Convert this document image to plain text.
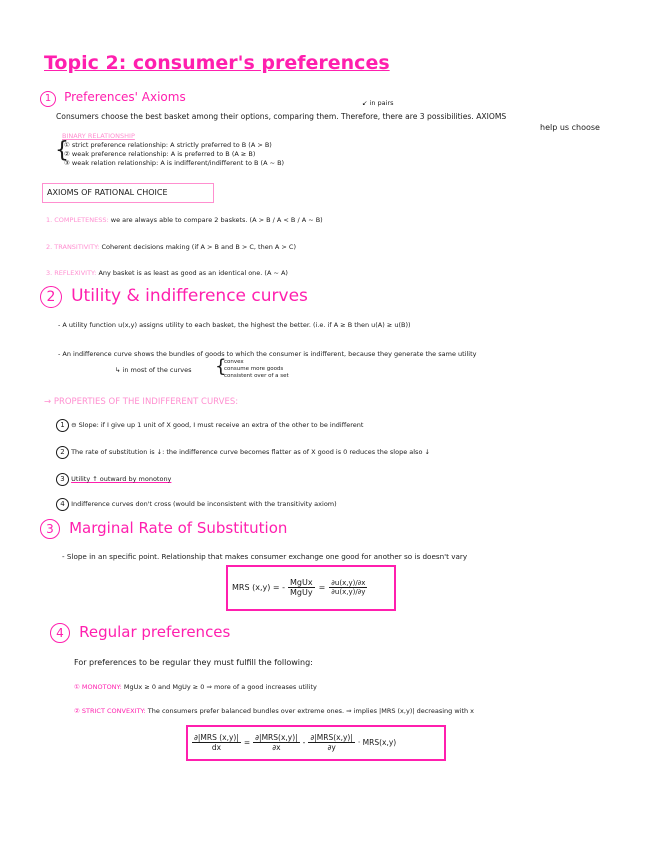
Topic 2: consumer's preferences
1 Preferences' Axioms	↙ in pairs
Consumers choose the best basket among their options, comparing them. Therefore, there are 3 possibilities. AXIOMS
help us choose
BINARY RELATIONSHIP
{
① strict preference relationship: A strictly preferred to B (A > B)
② weak preference relationship: A is preferred to B (A ≥ B)
③ weak relation relationship: A is indifferent/indifferent to B (A ~ B)
AXIOMS OF RATIONAL CHOICE
1. COMPLETENESS: we are always able to compare 2 baskets. (A > B / A < B / A ~ B)
2. TRANSITIVITY: Coherent decisions making (if A > B and B > C, then A > C)
3. REFLEXIVITY: Any basket is as least as good as an identical one. (A ~ A)
2 Utility & indifference curves
- A utility function u(x,y) assigns utility to each basket, the highest the better. (i.e. if A ≥ B then u(A) ≥ u(B))
- An indifference curve shows the bundles of goods to which the consumer is indifferent, because they generate the same utility
↳ in most of the curves {
convex
consume more goods
consistent over of a set
→ PROPERTIES OF THE INDIFFERENT CURVES:
1 ⊖ Slope: if I give up 1 unit of X good, I must receive an extra of the other to be indifferent
2 The rate of substitution is ↓: the indifference curve becomes flatter as of X good is 0 reduces the slope also ↓
3 Utility ↑ outward by monotony
4 Indifference curves don't cross (would be inconsistent with the transitivity axiom)
3 Marginal Rate of Substitution
- Slope in an specific point. Relationship that makes consumer exchange one good for another so is doesn't vary
MRS (x,y) = - $\frac{\text{MgUx}}{\text{MgUy}} = \frac{\partial u(x,y)/\partial x}{\partial u(x,y)/\partial y}$
4 Regular preferences
For preferences to be regular they must fulfill the following:
① MONOTONY: MgUx ≥ 0 and MgUy ≥ 0 ⇒ more of a good increases utility
② STRICT CONVEXITY: The consumers prefer balanced bundles over extreme ones. ⇒ implies |MRS (x,y)| decreasing with x
$\frac{\text{∂|MRS (x,y)|}}{dx} = \frac{\text{∂|MRS(x,y)|}}{\partial x} - \frac{\text{∂|MRS(x,y)|}}{\partial y} \cdot MRS(x,y)$
